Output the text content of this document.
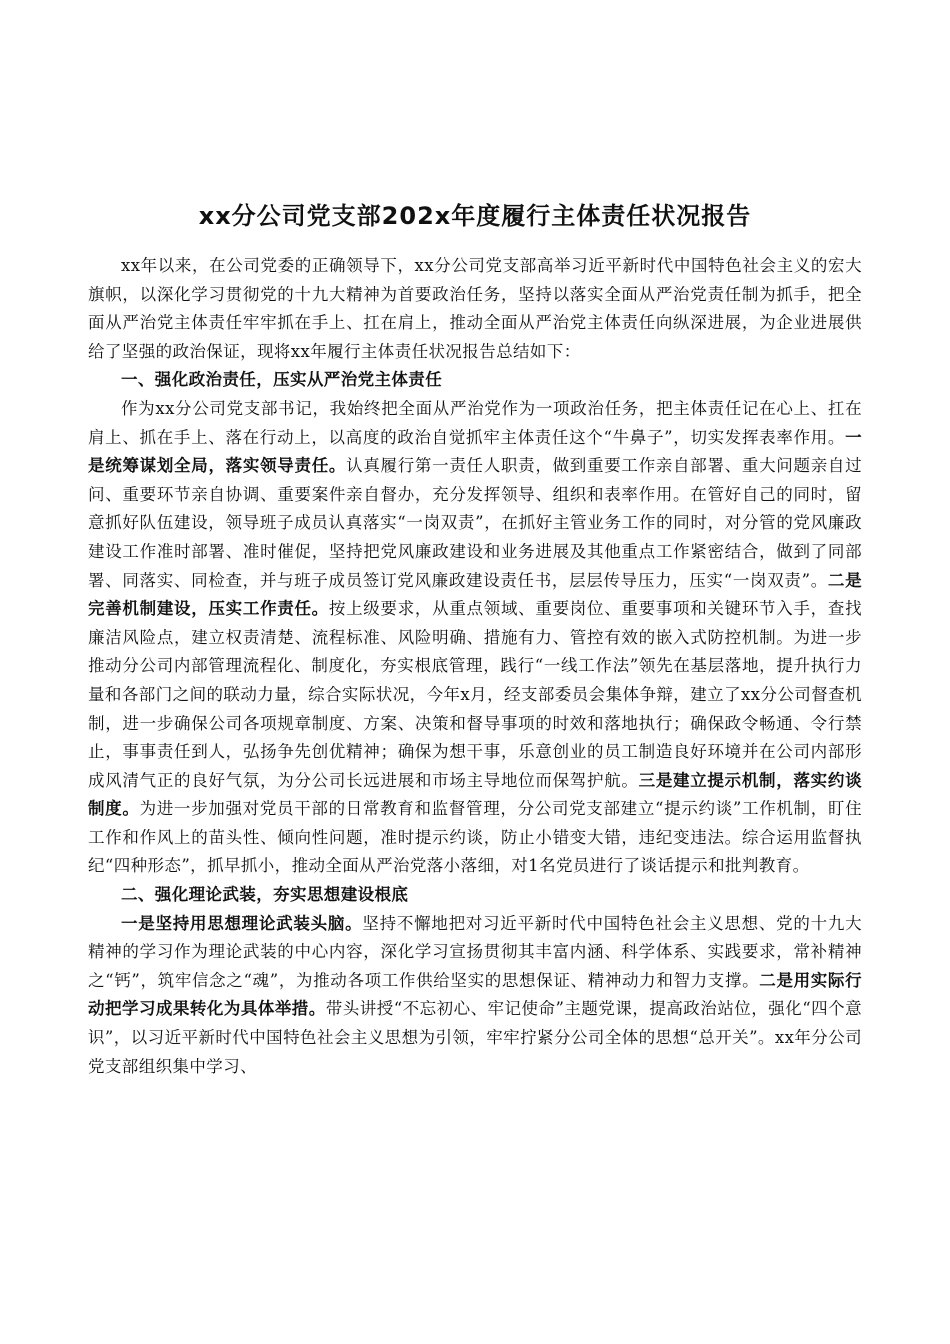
xx分公司党支部202x年度履行主体责任状况报告

xx年以来，在公司党委的正确领导下，xx分公司党支部高举习近平新时代中国特色社会主义的宏大旗帜，以深化学习贯彻党的十九大精神为首要政治任务，坚持以落实全面从严治党责任制为抓手，把全面从严治党主体责任牢牢抓在手上、扛在肩上，推动全面从严治党主体责任向纵深进展，为企业进展供给了坚强的政治保证，现将xx年履行主体责任状况报告总结如下：

一、强化政治责任，压实从严治党主体责任

作为xx分公司党支部书记，我始终把全面从严治党作为一项政治任务，把主体责任记在心上、扛在肩上、抓在手上、落在行动上，以高度的政治自觉抓牢主体责任这个“牛鼻子”，切实发挥表率作用。一是统筹谋划全局，落实领导责任。认真履行第一责任人职责，做到重要工作亲自部署、重大问题亲自过问、重要环节亲自协调、重要案件亲自督办，充分发挥领导、组织和表率作用。在管好自己的同时，留意抓好队伍建设，领导班子成员认真落实“一岗双责”，在抓好主管业务工作的同时，对分管的党风廉政建设工作准时部署、准时催促，坚持把党风廉政建设和业务进展及其他重点工作紧密结合，做到了同部署、同落实、同检查，并与班子成员签订党风廉政建设责任书，层层传导压力，压实“一岗双责”。二是完善机制建设，压实工作责任。按上级要求，从重点领域、重要岗位、重要事项和关键环节入手，查找廉洁风险点，建立权责清楚、流程标准、风险明确、措施有力、管控有效的嵌入式防控机制。为进一步推动分公司内部管理流程化、制度化，夯实根底管理，践行“一线工作法”领先在基层落地，提升执行力量和各部门之间的联动力量，综合实际状况，今年x月，经支部委员会集体争辩，建立了xx分公司督查机制，进一步确保公司各项规章制度、方案、决策和督导事项的时效和落地执行；确保政令畅通、令行禁止，事事责任到人，弘扬争先创优精神；确保为想干事，乐意创业的员工制造良好环境并在公司内部形成风清气正的良好气氛，为分公司长远进展和市场主导地位而保驾护航。三是建立提示机制，落实约谈制度。为进一步加强对党员干部的日常教育和监督管理，分公司党支部建立“提示约谈”工作机制，盯住工作和作风上的苗头性、倾向性问题，准时提示约谈，防止小错变大错，违纪变违法。综合运用监督执纪“四种形态”，抓早抓小，推动全面从严治党落小落细，对1名党员进行了谈话提示和批判教育。

二、强化理论武装，夯实思想建设根底

一是坚持用思想理论武装头脑。坚持不懈地把对习近平新时代中国特色社会主义思想、党的十九大精神的学习作为理论武装的中心内容，深化学习宣扬贯彻其丰富内涵、科学体系、实践要求，常补精神之“钙”，筑牢信念之“魂”，为推动各项工作供给坚实的思想保证、精神动力和智力支撑。二是用实际行动把学习成果转化为具体举措。带头讲授“不忘初心、牢记使命”主题党课，提高政治站位，强化“四个意识”，以习近平新时代中国特色社会主义思想为引领，牢牢拧紧分公司全体的思想“总开关”。xx年分公司党支部组织集中学习、
